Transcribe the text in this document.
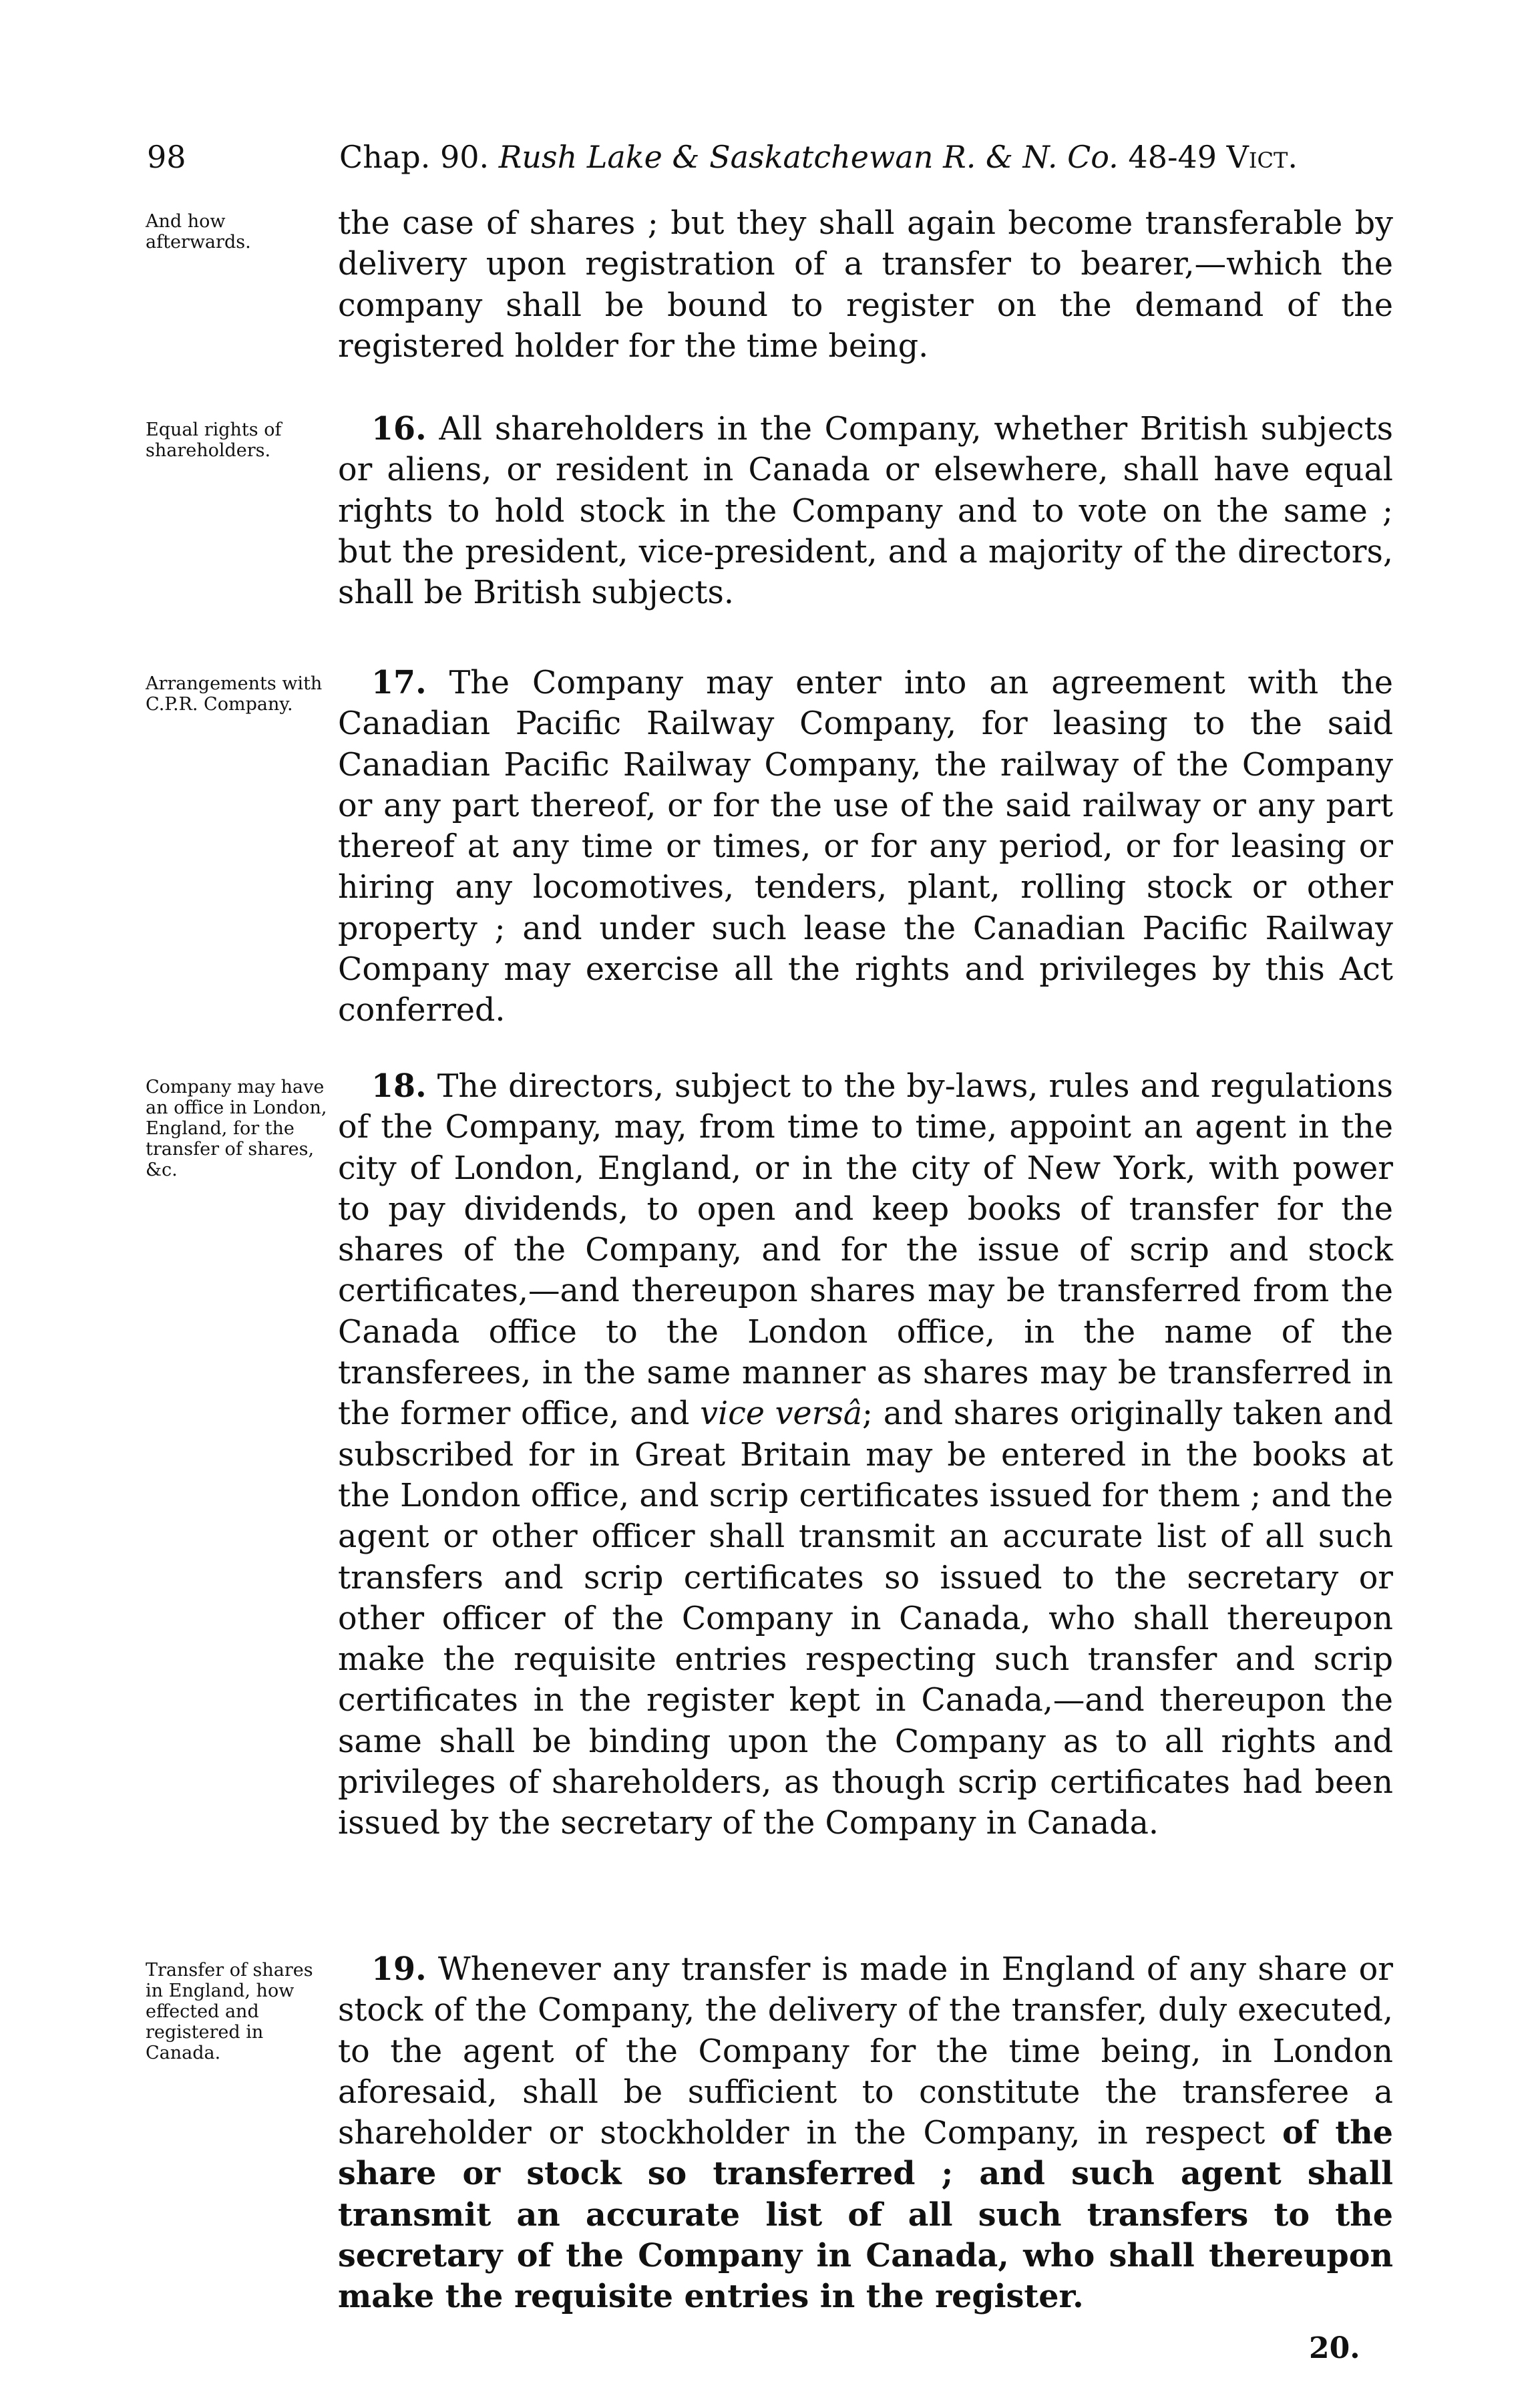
98	Chap. 90. Rush Lake & Saskatchewan R. & N. Co. 48-49 Vict.
And how afterwards.

the case of shares ; but they shall again become transferable by delivery upon registration of a transfer to bearer,—which the company shall be bound to register on the demand of the registered holder for the time being.

Equal rights of shareholders.

16. All shareholders in the Company, whether British subjects or aliens, or resident in Canada or elsewhere, shall have equal rights to hold stock in the Company and to vote on the same ; but the president, vice-president, and a majority of the directors, shall be British subjects.

Arrangements with C.P.R. Company.

17. The Company may enter into an agreement with the Canadian Pacific Railway Company, for leasing to the said Canadian Pacific Railway Company, the railway of the Company or any part thereof, or for the use of the said railway or any part thereof at any time or times, or for any period, or for leasing or hiring any locomotives, tenders, plant, rolling stock or other property ; and under such lease the Canadian Pacific Railway Company may exercise all the rights and privileges by this Act conferred.

Company may have an office in London, England, for the transfer of shares, &c.

18. The directors, subject to the by-laws, rules and regulations of the Company, may, from time to time, appoint an agent in the city of London, England, or in the city of New York, with power to pay dividends, to open and keep books of transfer for the shares of the Company, and for the issue of scrip and stock certificates,—and thereupon shares may be transferred from the Canada office to the London office, in the name of the transferees, in the same manner as shares may be transferred in the former office, and vice versâ; and shares originally taken and subscribed for in Great Britain may be entered in the books at the London office, and scrip certificates issued for them ; and the agent or other officer shall transmit an accurate list of all such transfers and scrip certificates so issued to the secretary or other officer of the Company in Canada, who shall thereupon make the requisite entries respecting such transfer and scrip certificates in the register kept in Canada,—and thereupon the same shall be binding upon the Company as to all rights and privileges of shareholders, as though scrip certificates had been issued by the secretary of the Company in Canada.

Transfer of shares in England, how effected and registered in Canada.

19. Whenever any transfer is made in England of any share or stock of the Company, the delivery of the transfer, duly executed, to the agent of the Company for the time being, in London aforesaid, shall be sufficient to constitute the transferee a shareholder or stockholder in the Company, in respect of the share or stock so transferred ; and such agent shall transmit an accurate list of all such transfers to the secretary of the Company in Canada, who shall thereupon make the requisite entries in the register.

20.
